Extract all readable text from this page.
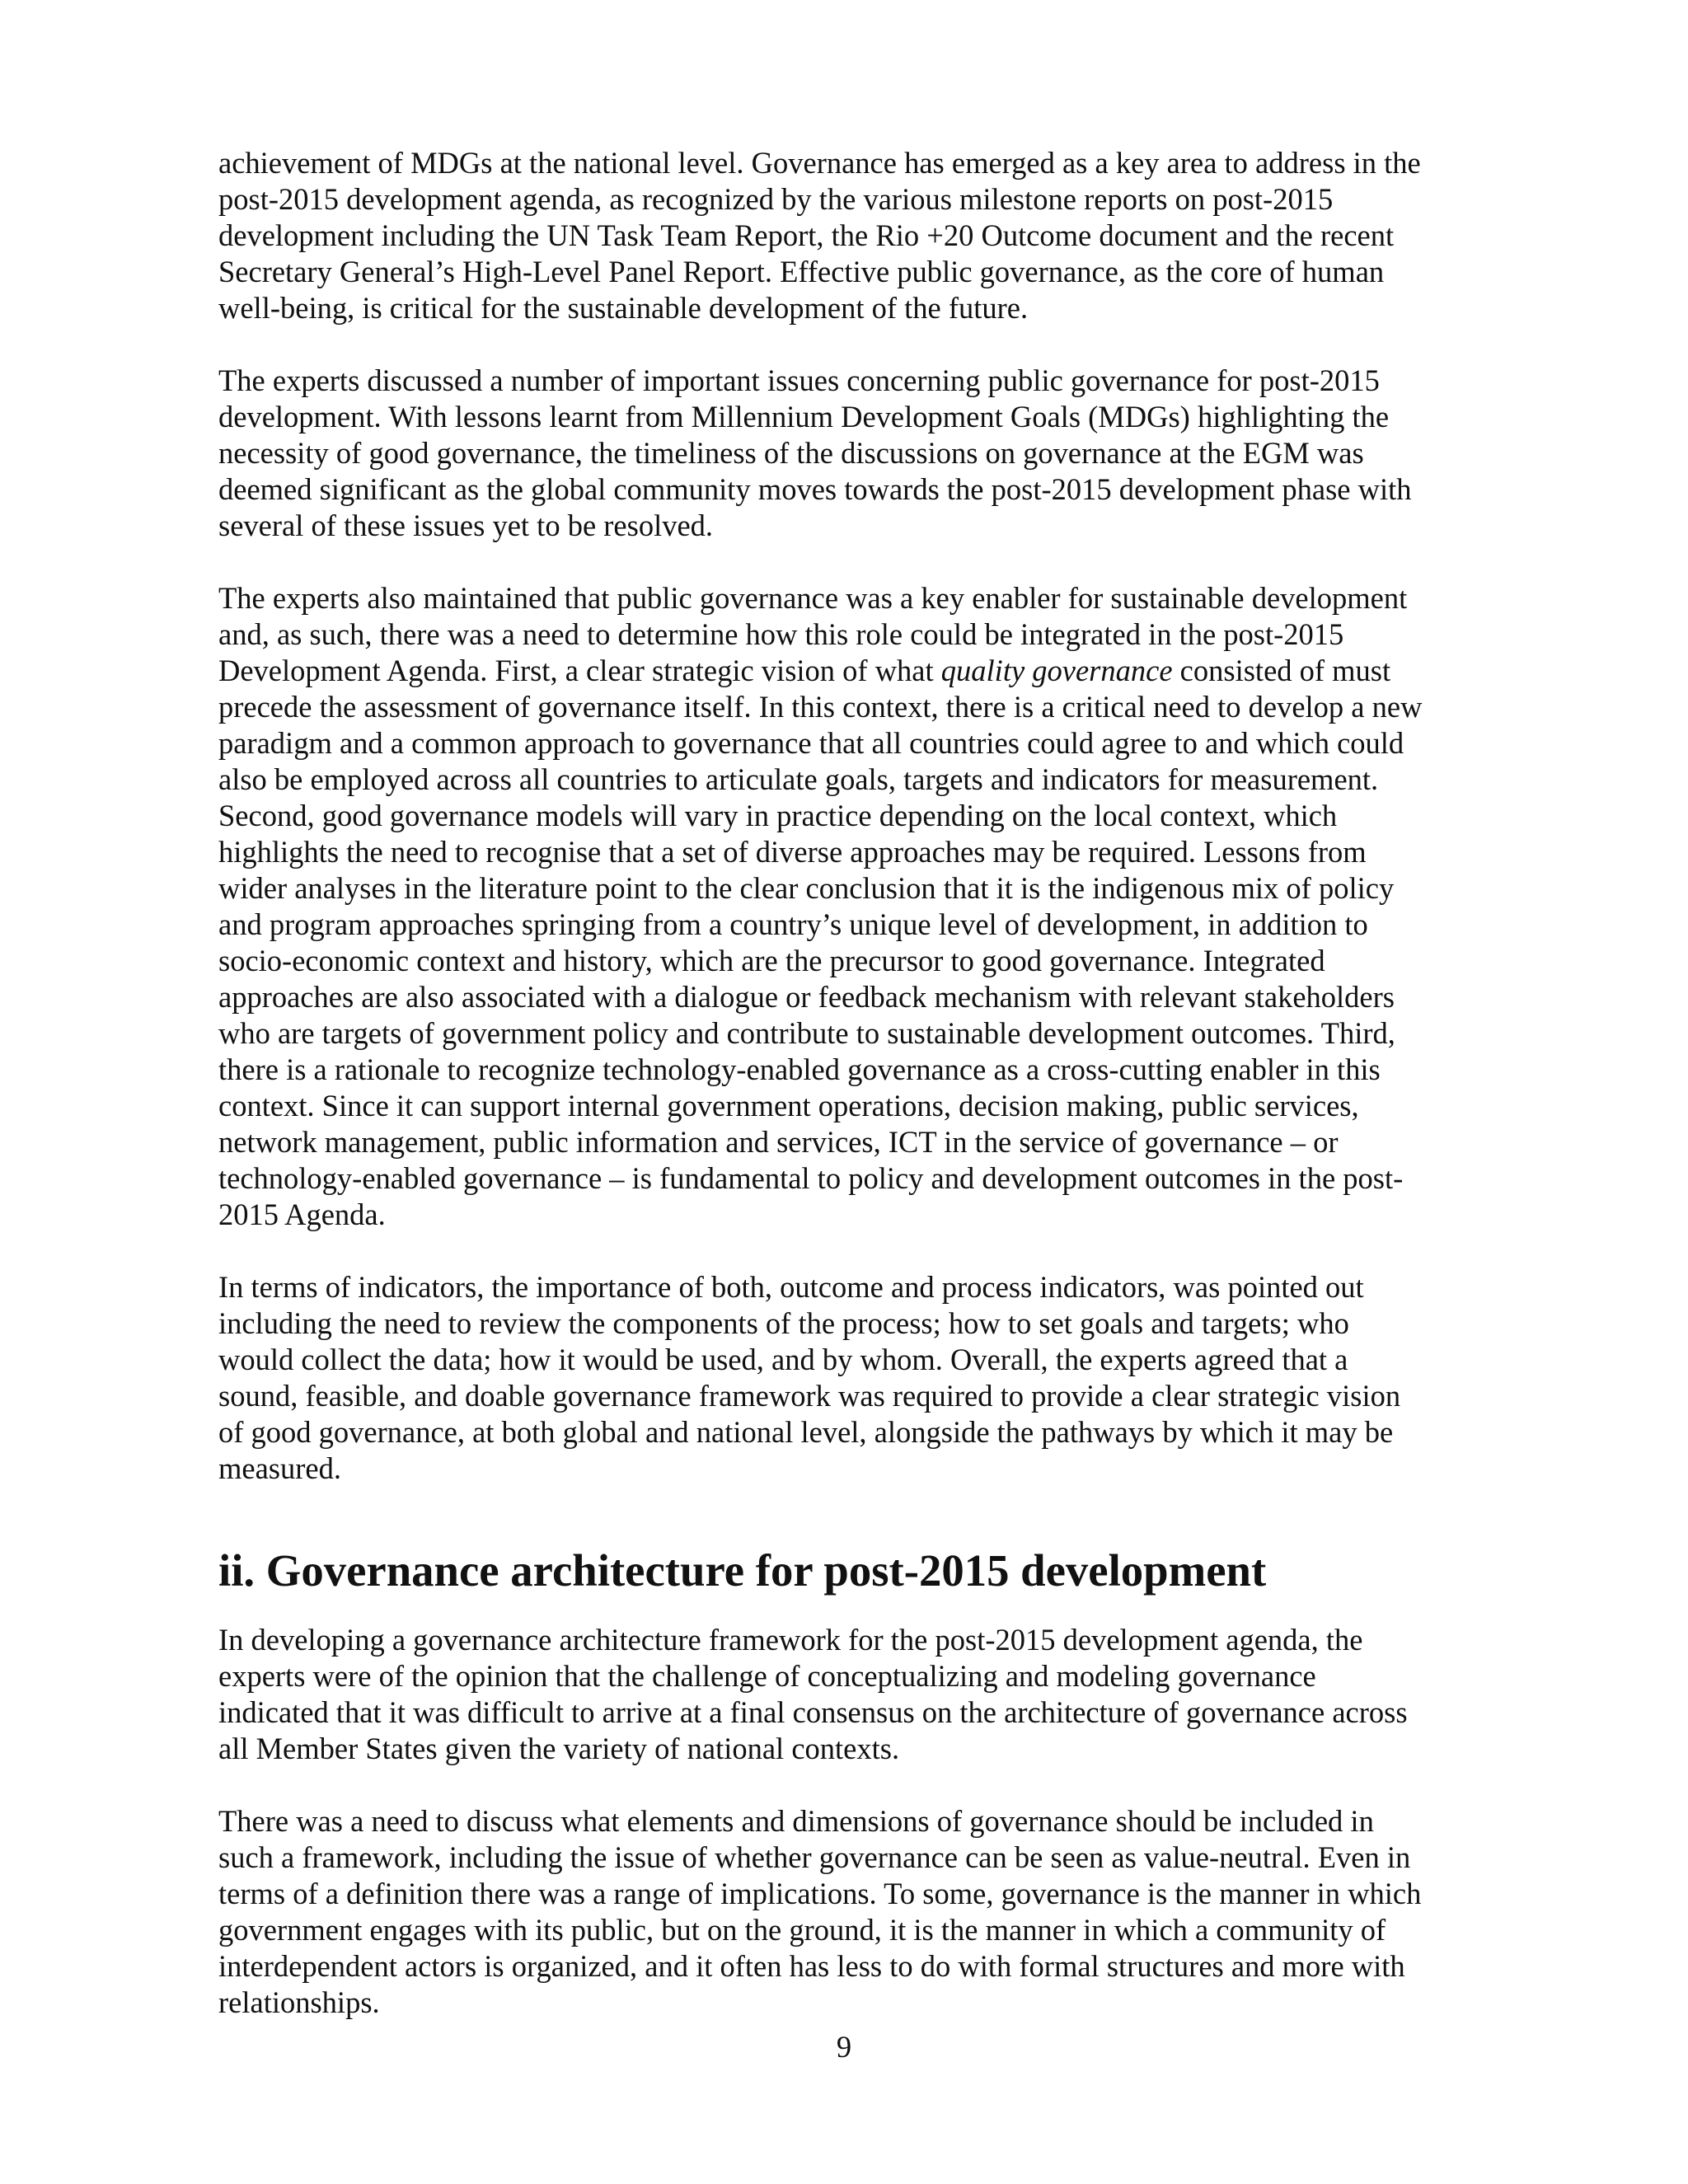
achievement of MDGs at the national level. Governance has emerged as a key area to address in the
post-2015 development agenda, as recognized by the various milestone reports on post-2015
development including the UN Task Team Report, the Rio +20 Outcome document and the recent
Secretary General’s High-Level Panel Report. Effective public governance, as the core of human
well-being, is critical for the sustainable development of the future.

The experts discussed a number of important issues concerning public governance for post-2015
development. With lessons learnt from Millennium Development Goals (MDGs) highlighting the
necessity of good governance, the timeliness of the discussions on governance at the EGM was
deemed significant as the global community moves towards the post-2015 development phase with
several of these issues yet to be resolved.

The experts also maintained that public governance was a key enabler for sustainable development
and, as such, there was a need to determine how this role could be integrated in the post-2015
Development Agenda. First, a clear strategic vision of what quality governance consisted of must
precede the assessment of governance itself. In this context, there is a critical need to develop a new
paradigm and a common approach to governance that all countries could agree to and which could
also be employed across all countries to articulate goals, targets and indicators for measurement.
Second, good governance models will vary in practice depending on the local context, which
highlights the need to recognise that a set of diverse approaches may be required. Lessons from
wider analyses in the literature point to the clear conclusion that it is the indigenous mix of policy
and program approaches springing from a country’s unique level of development, in addition to
socio-economic context and history, which are the precursor to good governance. Integrated
approaches are also associated with a dialogue or feedback mechanism with relevant stakeholders
who are targets of government policy and contribute to sustainable development outcomes. Third,
there is a rationale to recognize technology-enabled governance as a cross-cutting enabler in this
context. Since it can support internal government operations, decision making, public services,
network management, public information and services, ICT in the service of governance – or
technology-enabled governance – is fundamental to policy and development outcomes in the post-
2015 Agenda.

In terms of indicators, the importance of both, outcome and process indicators, was pointed out
including the need to review the components of the process; how to set goals and targets; who
would collect the data; how it would be used, and by whom. Overall, the experts agreed that a
sound, feasible, and doable governance framework was required to provide a clear strategic vision
of good governance, at both global and national level, alongside the pathways by which it may be
measured.

ii. Governance architecture for post-2015 development

In developing a governance architecture framework for the post-2015 development agenda, the
experts were of the opinion that the challenge of conceptualizing and modeling governance
indicated that it was difficult to arrive at a final consensus on the architecture of governance across
all Member States given the variety of national contexts.

There was a need to discuss what elements and dimensions of governance should be included in
such a framework, including the issue of whether governance can be seen as value-neutral. Even in
terms of a definition there was a range of implications. To some, governance is the manner in which
government engages with its public, but on the ground, it is the manner in which a community of
interdependent actors is organized, and it often has less to do with formal structures and more with
relationships.

9
